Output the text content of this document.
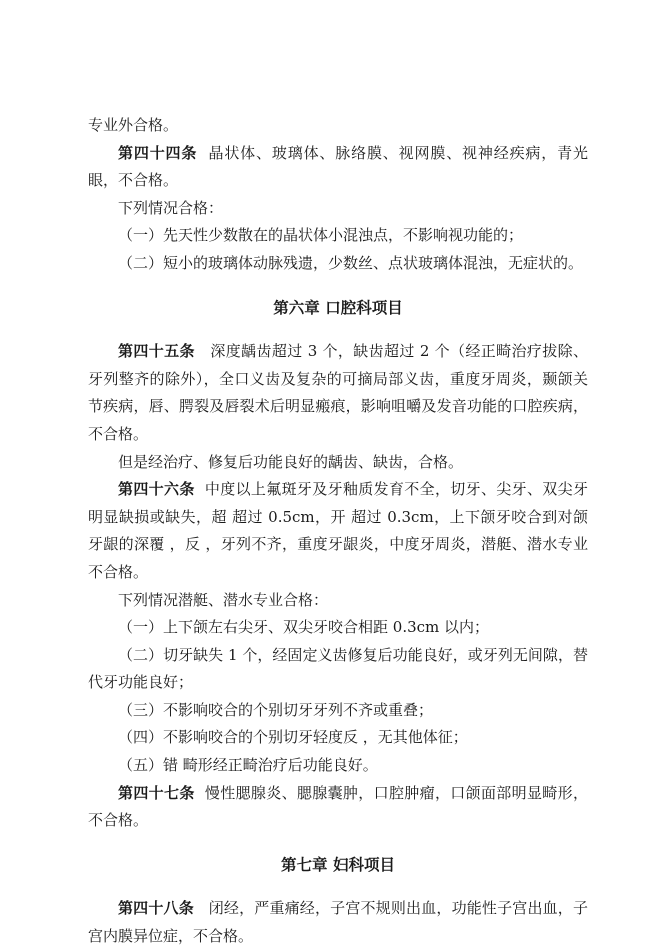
专业外合格。

第四十四条 晶状体、玻璃体、脉络膜、视网膜、视神经疾病，青光眼，不合格。

下列情况合格：

（一）先天性少数散在的晶状体小混浊点，不影响视功能的；

（二）短小的玻璃体动脉残遗，少数丝、点状玻璃体混浊，无症状的。

第六章 口腔科项目

第四十五条 深度龋齿超过 3 个，缺齿超过 2 个（经正畸治疗拔除、牙列整齐的除外），全口义齿及复杂的可摘局部义齿，重度牙周炎，颞颌关节疾病，唇、腭裂及唇裂术后明显瘢痕，影响咀嚼及发音功能的口腔疾病，不合格。

但是经治疗、修复后功能良好的龋齿、缺齿，合格。

第四十六条 中度以上氟斑牙及牙釉质发育不全，切牙、尖牙、双尖牙明显缺损或缺失，超 超过 0.5cm，开 超过 0.3cm，上下颌牙咬合到对颌牙龈的深覆 ，反 ，牙列不齐，重度牙龈炎，中度牙周炎，潜艇、潜水专业不合格。

下列情况潜艇、潜水专业合格：

（一）上下颌左右尖牙、双尖牙咬合相距 0.3cm 以内；

（二）切牙缺失 1 个，经固定义齿修复后功能良好，或牙列无间隙，替代牙功能良好；

（三）不影响咬合的个别切牙牙列不齐或重叠；

（四）不影响咬合的个别切牙轻度反 ，无其他体征；

（五）错 畸形经正畸治疗后功能良好。

第四十七条 慢性腮腺炎、腮腺囊肿，口腔肿瘤，口颌面部明显畸形，不合格。

第七章 妇科项目

第四十八条 闭经，严重痛经，子宫不规则出血，功能性子宫出血，子宫内膜异位症，不合格。
